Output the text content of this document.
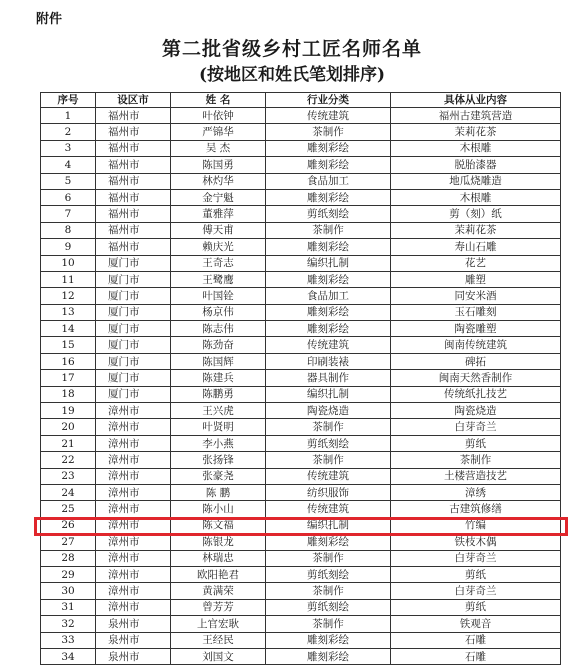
附件
第二批省级乡村工匠名师名单
(按地区和姓氏笔划排序)
序号	设区市	姓 名	行业分类	具体从业内容
1	福州市	叶依钟	传统建筑	福州古建筑营造
2	福州市	严锦华	茶制作	茉莉花茶
3	福州市	吴 杰	雕刻彩绘	木根雕
4	福州市	陈国勇	雕刻彩绘	脱胎漆器
5	福州市	林灼华	食品加工	地瓜烧雕造
6	福州市	金宁魁	雕刻彩绘	木根雕
7	福州市	董雅萍	剪纸刻绘	剪（刻）纸
8	福州市	傅天甫	茶制作	茉莉花茶
9	福州市	赖庆光	雕刻彩绘	寿山石雕
10	厦门市	王奇志	编织扎制	花艺
11	厦门市	王鹭鹰	雕刻彩绘	雕塑
12	厦门市	叶国铨	食品加工	同安米酒
13	厦门市	杨京伟	雕刻彩绘	玉石雕刻
14	厦门市	陈志伟	雕刻彩绘	陶瓷雕塑
15	厦门市	陈劲奋	传统建筑	闽南传统建筑
16	厦门市	陈国辉	印刷装裱	碑拓
17	厦门市	陈建兵	器具制作	闽南天然香制作
18	厦门市	陈鹏勇	编织扎制	传统纸扎技艺
19	漳州市	王兴虎	陶瓷烧造	陶瓷烧造
20	漳州市	叶贤明	茶制作	白芽奇兰
21	漳州市	李小燕	剪纸刻绘	剪纸
22	漳州市	张扬锋	茶制作	茶制作
23	漳州市	张豪尧	传统建筑	土楼营造技艺
24	漳州市	陈 鹏	纺织服饰	漳绣
25	漳州市	陈小山	传统建筑	古建筑修缮
26	漳州市	陈文福	编织扎制	竹编
27	漳州市	陈银龙	雕刻彩绘	铁枝木偶
28	漳州市	林瑞忠	茶制作	白芽奇兰
29	漳州市	欧阳艳君	剪纸刻绘	剪纸
30	漳州市	黄满荣	茶制作	白芽奇兰
31	漳州市	曾芳芳	剪纸刻绘	剪纸
32	泉州市	上官宏耿	茶制作	铁观音
33	泉州市	王经民	雕刻彩绘	石雕
34	泉州市	刘国文	雕刻彩绘	石雕
